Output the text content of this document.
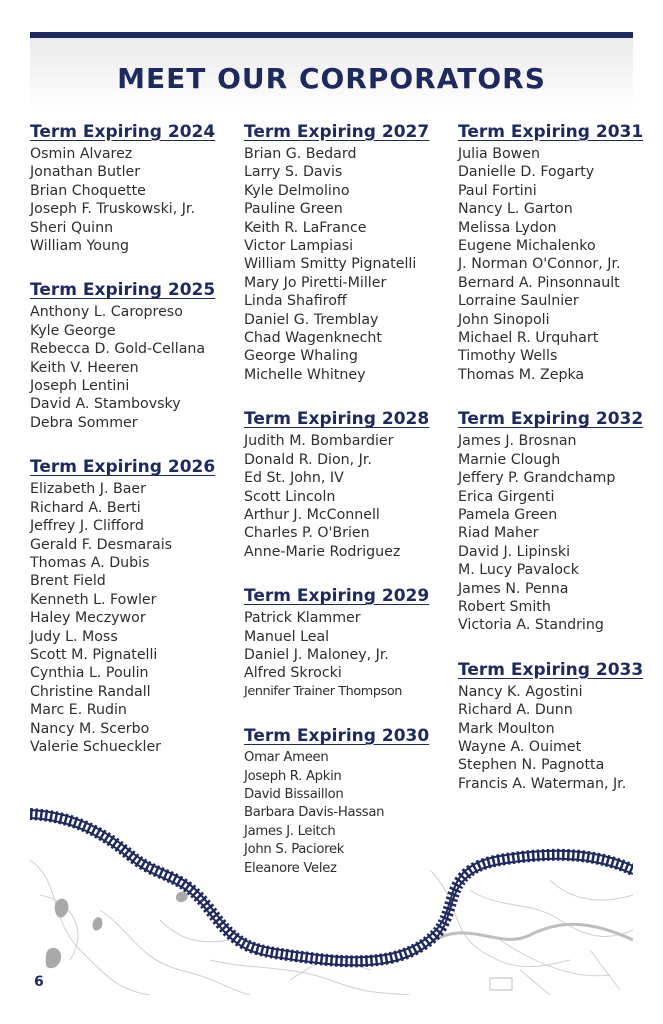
MEET OUR CORPORATORS
Term Expiring 2024
Osmin Alvarez
Jonathan Butler
Brian Choquette
Joseph F. Truskowski, Jr.
Sheri Quinn
William Young
Term Expiring 2025
Anthony L. Caropreso
Kyle George
Rebecca D. Gold-Cellana
Keith V. Heeren
Joseph Lentini
David A. Stambovsky
Debra Sommer
Term Expiring 2026
Elizabeth J. Baer
Richard A. Berti
Jeffrey J. Clifford
Gerald F. Desmarais
Thomas A. Dubis
Brent Field
Kenneth L. Fowler
Haley Meczywor
Judy L. Moss
Scott M. Pignatelli
Cynthia L. Poulin
Christine Randall
Marc E. Rudin
Nancy M. Scerbo
Valerie Schueckler
Term Expiring 2027
Brian G. Bedard
Larry S. Davis
Kyle Delmolino
Pauline Green
Keith R. LaFrance
Victor Lampiasi
William Smitty Pignatelli
Mary Jo Piretti-Miller
Linda Shafiroff
Daniel G. Tremblay
Chad Wagenknecht
George Whaling
Michelle Whitney
Term Expiring 2028
Judith M. Bombardier
Donald R. Dion, Jr.
Ed St. John, IV
Scott Lincoln
Arthur J. McConnell
Charles P. O'Brien
Anne-Marie Rodriguez
Term Expiring 2029
Patrick Klammer
Manuel Leal
Daniel J. Maloney, Jr.
Alfred Skrocki
Jennifer Trainer Thompson
Term Expiring 2030
Omar Ameen
Joseph R. Apkin
David Bissaillon
Barbara Davis-Hassan
James J. Leitch
John S. Paciorek
Eleanore Velez
Term Expiring 2031
Julia Bowen
Danielle D. Fogarty
Paul Fortini
Nancy L. Garton
Melissa Lydon
Eugene Michalenko
J. Norman O'Connor, Jr.
Bernard A. Pinsonnault
Lorraine Saulnier
John Sinopoli
Michael R. Urquhart
Timothy Wells
Thomas M. Zepka
Term Expiring 2032
James J. Brosnan
Marnie Clough
Jeffery P. Grandchamp
Erica Girgenti
Pamela Green
Riad Maher
David J. Lipinski
M. Lucy Pavalock
James N. Penna
Robert Smith
Victoria A. Standring
Term Expiring 2033
Nancy K. Agostini
Richard A. Dunn
Mark Moulton
Wayne A. Ouimet
Stephen N. Pagnotta
Francis A. Waterman, Jr.
6
